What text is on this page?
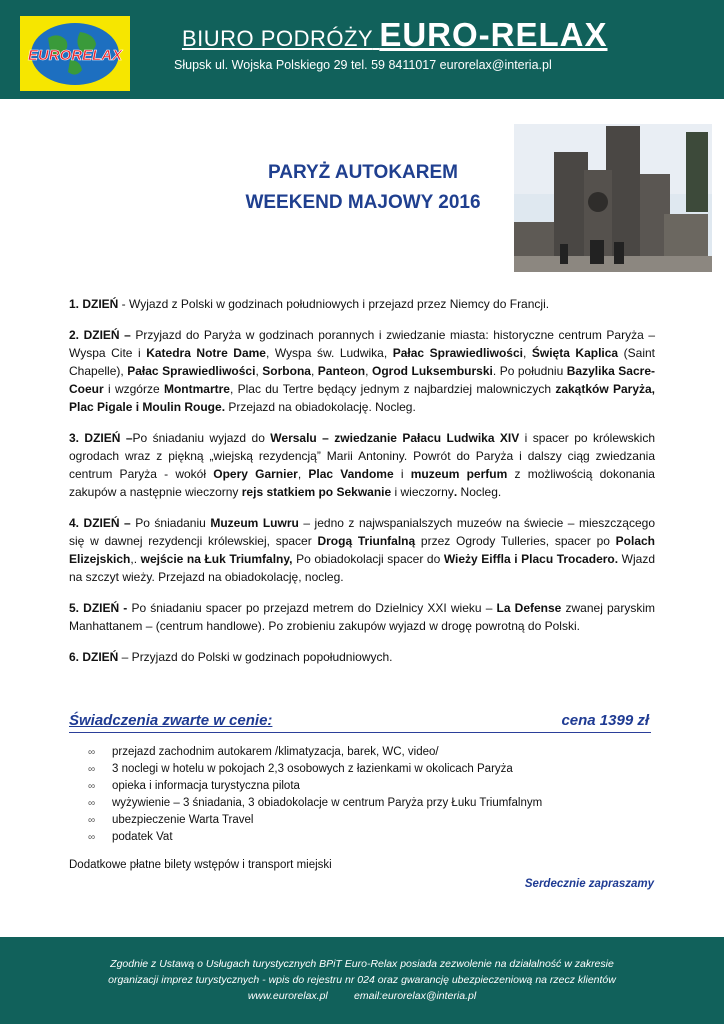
EURORELAX
BIURO PODRÓŻY EURO-RELAX
Słupsk ul. Wojska Polskiego 29 tel. 59 8411017 eurorelax@interia.pl
PARYŻ AUTOKAREM
WEEKEND MAJOWY 2016

1. DZIEŃ - Wyjazd z Polski w godzinach południowych i przejazd przez Niemcy do Francji.

2. DZIEŃ – Przyjazd do Paryża w godzinach porannych i zwiedzanie miasta: historyczne centrum Paryża – Wyspa Cite i Katedra Notre Dame, Wyspa św. Ludwika, Pałac Sprawiedliwości, Święta Kaplica (Saint Chapelle), Pałac Sprawiedliwości, Sorbona, Panteon, Ogrod Luksemburski. Po południu Bazylika Sacre-Coeur i wzgórze Montmartre, Plac du Tertre będący jednym z najbardziej malowniczych zakątków Paryża, Plac Pigale i Moulin Rouge. Przejazd na obiadokolację. Nocleg.

3. DZIEŃ –Po śniadaniu wyjazd do Wersalu – zwiedzanie Pałacu Ludwika XIV i spacer po królewskich ogrodach wraz z piękną „wiejską rezydencją” Marii Antoniny. Powrót do Paryża i dalszy ciąg zwiedzania centrum Paryża - wokół Opery Garnier, Plac Vandome i muzeum perfum z możliwością dokonania zakupów a następnie wieczorny rejs statkiem po Sekwanie i wieczorny. Nocleg.

4. DZIEŃ – Po śniadaniu Muzeum Luwru – jedno z najwspanialszych muzeów na świecie – mieszczącego się w dawnej rezydencji królewskiej, spacer Drogą Triunfalną przez Ogrody Tulleries, spacer po Polach Elizejskich,. wejście na Łuk Triumfalny, Po obiadokolacji spacer do Wieży Eiffla i Placu Trocadero. Wjazd na szczyt wieży. Przejazd na obiadokolację, nocleg.

5. DZIEŃ - Po śniadaniu spacer po przejazd metrem do Dzielnicy XXI wieku – La Defense zwanej paryskim Manhattanem – (centrum handlowe). Po zrobieniu zakupów wyjazd w drogę powrotną do Polski.

6. DZIEŃ – Przyjazd do Polski w godzinach popołudniowych.

Świadczenia zwarte w cenie:	cena 1399 zł
∞ przejazd zachodnim autokarem /klimatyzacja, barek, WC, video/
∞ 3 noclegi w hotelu w pokojach 2,3 osobowych z łazienkami w okolicach Paryża
∞ opieka i informacja turystyczna pilota
∞ wyżywienie – 3 śniadania, 3 obiadokolacje w centrum Paryża przy Łuku Triumfalnym
∞ ubezpieczenie Warta Travel
∞ podatek Vat
Dodatkowe płatne bilety wstępów i transport miejski
Serdecznie zapraszamy
Zgodnie z Ustawą o Usługach turystycznych BPiT Euro-Relax posiada zezwolenie na działalność w zakresie
organizacji imprez turystycznych - wpis do rejestru nr 024 oraz gwarancję ubezpieczeniową na rzecz klientów
www.eurorelax.pl	email:eurorelax@interia.pl
